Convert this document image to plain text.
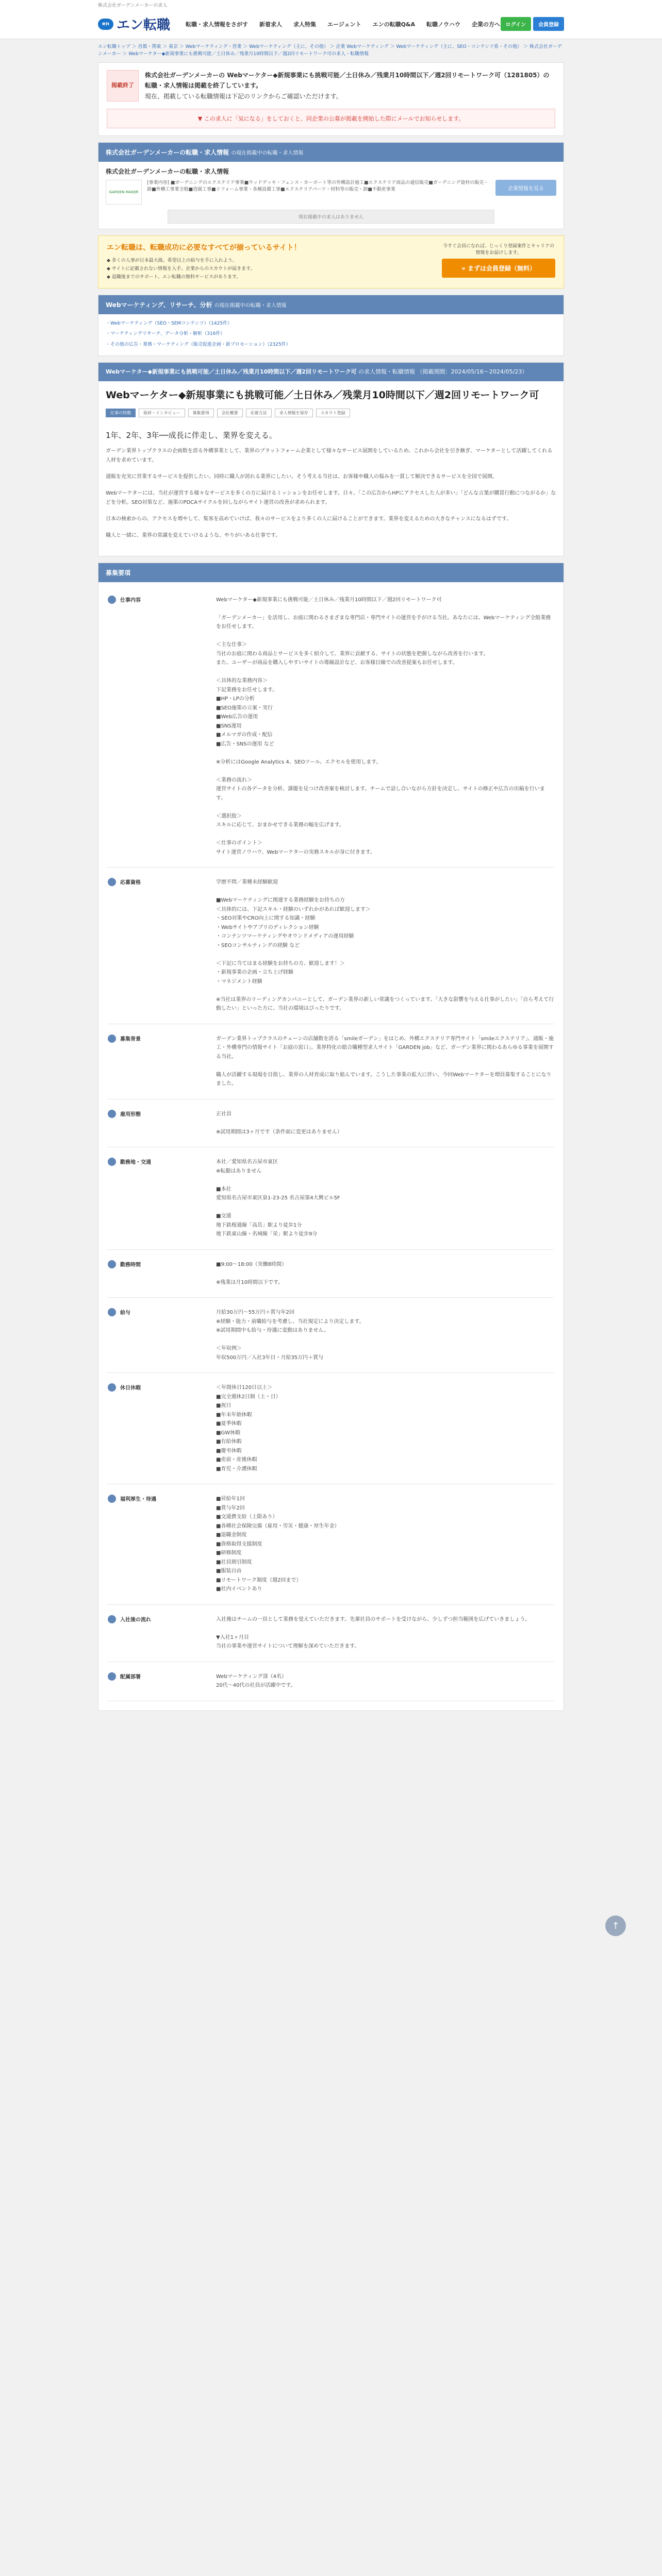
株式会社ガーデンメーカーの求人
en エン転職	転職・求人情報をさがす 新着求人 求人特集 エージェント エンの転職Q&A 転職ノウハウ 企業の方へ	ログイン	会員登録
エン転職トップ ＞ 首都・関東 ＞ 東京 ＞ Webマーケティング・営業 ＞ Webマーケティング（主に、その他） ＞ 企業 Webマーケティング ＞ Webマーケティング（主に、SEO・コンテンツ系・その他） ＞ 株式会社ガーデンメーカー ＞ Webマーケター◆新規事業にも挑戦可能／土日休み／残業月10時間以下／週2回リモートワーク可の求人・転職情報
掲載終了
株式会社ガーデンメーカーの Webマーケター◆新規事業にも挑戦可能／土日休み／残業月10時間以下／週2回リモートワーク可（1281805）の転職・求人情報は掲載を終了しています。

現在、掲載している転職情報は下記のリンクからご確認いただけます。

▼ この求人に「気になる」をしておくと、同企業の公募が掲載を開始した際にメールでお知らせします。
株式会社ガーデンメーカーの転職・求人情報 の現在掲載中の転職・求人情報
株式会社ガーデンメーカーの転職・求人情報
GARDEN MAKER
[事業内容] ■ガーデニングのエクステリア事業■ウッドデッキ・フェンス・カーポート等の外構設計施工■エクステリア商品の通信販売■ガーデニング資材の販売・卸■外構工事業全般■造園工事■リフォーム事業・各種設備工事■エクステリアパーツ・材料等の販売・卸■不動産事業	企業情報を見る
現在掲載中の求人はありません
エン転職は、転職成功に必要なすべてが揃っているサイト！
◆ 多くの人事が日本最大級。希望以上の給与を手に入れよう。
◆ サイトに記載されない情報を入手。企業からのスカウトが届きます。
◆ 退職後までのサポート。エン転職の無料サービスがあります。
今すぐ会員になれば、じっくり登録案件とキャリアの情報をお届けします。
» まずは会員登録（無料）
Webマーケティング、リサーチ、分析 の現在掲載中の転職・求人情報
・Webマーケティング（SEO・SEMコンテンツ）（1425件）
・マーケティングリサーチ、データ分析・解析（316件）
・その他の広告・業務・マーケティング（販売促進企画・新プロモーション）（2325件）
Webマーケター◆新規事業にも挑戦可能／土日休み／残業月10時間以下／週2回リモートワーク可 の求人情報・転職情報 （掲載期間：2024/05/16〜2024/05/23）
Webマーケター◆新規事業にも挑戦可能／土日休み／残業月10時間以下／週2回リモートワーク可
仕事の特徴	取材・インタビュー	募集要項	会社概要	応募方法	求人情報を保存	スカウト登録
1年、2年、3年──成長に伴走し、業界を変える。

ガーデン業界トップクラスの企画数を誇る外構事業として、業界のプラットフォーム企業として様々なサービス展開をしているため、これから会社を引き継ぎ、マーケターとして活躍してくれる人材を求めています。

通販を充実に営業するサービスを提供したい。同時に職人が誇れる業界にしたい。そう考える当社は、お客様や職人の悩みを一貫して解決できるサービスを全国で展開。

Webマーケターには、当社が運営する様々なサービスを多くの方に届けるミッションをお任せします。日々、「この広告からHPにアクセスした人が多い」「どんな言葉が購買行動につながるか」などを分析。SEO対策など、施策のPDCAサイクルを回しながらサイト運営の改善が求められます。

日本の検索からの、アクセスを増やして、集客を高めていけば、我々のサービスをより多くの人に届けることができます。業界を変えるための大きなチャンスになるはずです。

職人と一緒に、業界の常識を変えていけるような、やりがいある仕事です。

募集要項
仕事内容	Webマーケター◆新規事業にも挑戦可能／土日休み／残業月10時間以下／週2回リモートワーク可

「ガーデンメーカー」を活用し、お庭に関わるさまざまな専門店・専門サイトの運営を手がける当社。あなたには、Webマーケティング全般業務をお任せします。

＜主な仕事＞
当社のお庭に関わる商品とサービスを多く紹介して、業界に貢献する、サイトの状態を把握しながら改善を行います。
また、ユーザーが商品を購入しやすいサイトの導線設計など、お客様目線での改善提案もお任せします。

＜具体的な業務内容＞
下記業務をお任せします。
■HP・LPの分析
■SEO施策の立案・実行
■Web広告の運用
■SNS運用
■メルマガの作成・配信
■広告・SNSの運用 など

※分析にはGoogle Analytics 4、SEOツール、エクセルを使用します。

＜業務の流れ＞
運営サイトの各データを分析、課題を見つけ改善案を検討します。チームで話し合いながら方針を決定し、サイトの修正や広告の出稿を行います。

＜選択肢＞
スキルに応じて、おまかせできる業務の幅を広げます。

＜仕事のポイント＞
サイト運営ノウハウ、Webマーケターの実務スキルが身に付きます。
応募資格	学歴不問／業種未経験歓迎

■Webマーケティングに関連する業務経験をお持ちの方
＜具体的には、下記スキル・経験のいずれかがあれば歓迎します＞
・SEO対策やCRO向上に関する知識・経験
・Webサイトやアプリのディレクション経験
・コンテンツマーケティングやオウンドメディアの運用経験
・SEOコンサルティングの経験 など

＜下記に当てはまる経験をお持ちの方、歓迎します！＞
・新規事業の企画・立ち上げ経験
・マネジメント経験

※当社は業界のリーディングカンパニーとして、ガーデン業界の新しい常識をつくっています。「大きな影響を与える仕事がしたい」「自ら考えて行動したい」といった方に、当社の環境はぴったりです。
募集背景	ガーデン業界トップクラスのチェーンの店舗数を誇る「smileガーデン」をはじめ、外構エクステリア専門サイト「smileエクステリア」、通販・施工・外構専門の情報サイト「お庭の窓口」、業界特化の総合職種型求人サイト「GARDEN job」など、ガーデン業界に関わるあらゆる事業を展開する当社。

職人が活躍する現場を目指し、業界の人材育成に取り組んでいます。こうした事業の拡大に伴い、今回Webマーケターを増員募集することになりました。
雇用形態	正社員

※試用期間は3ヶ月です（条件面に変更はありません）
勤務地・交通	本社／愛知県名古屋市東区
※転勤はありません

■本社
愛知県名古屋市東区泉1-23-25 名古屋第4大興ビル5F

■交通
地下鉄桜通線「高岳」駅より徒歩1分
地下鉄東山線・名城線「栄」駅より徒歩9分
勤務時間	■9:00～18:00（実働8時間）

※残業は月10時間以下です。
給与	月給30万円〜55万円＋賞与年2回
※経験・能力・前職給与を考慮し、当社規定により決定します。
※試用期間中も給与・待遇に変動はありません。

＜年収例＞
年収500万円／入社3年目・月給35万円＋賞与
休日休暇	＜年間休日120日以上＞
■完全週休2日制（土・日）
■祝日
■年末年始休暇
■夏季休暇
■GW休暇
■有給休暇
■慶弔休暇
■産前・産後休暇
■育児・介護休暇
福利厚生・待遇	■昇給年1回
■賞与年2回
■交通費支給（上限あり）
■各種社会保険完備（雇用・労災・健康・厚生年金）
■退職金制度
■資格取得支援制度
■研修制度
■社員割引制度
■服装自由
■リモートワーク制度（週2回まで）
■社内イベントあり
入社後の流れ	入社後はチームの一員として業務を覚えていただきます。先輩社員のサポートを受けながら、少しずつ担当範囲を広げていきましょう。

▼入社1ヶ月目
当社の事業や運営サイトについて理解を深めていただきます。
配属部署	Webマーケティング部（4名）
20代〜40代の社員が活躍中です。
↑
